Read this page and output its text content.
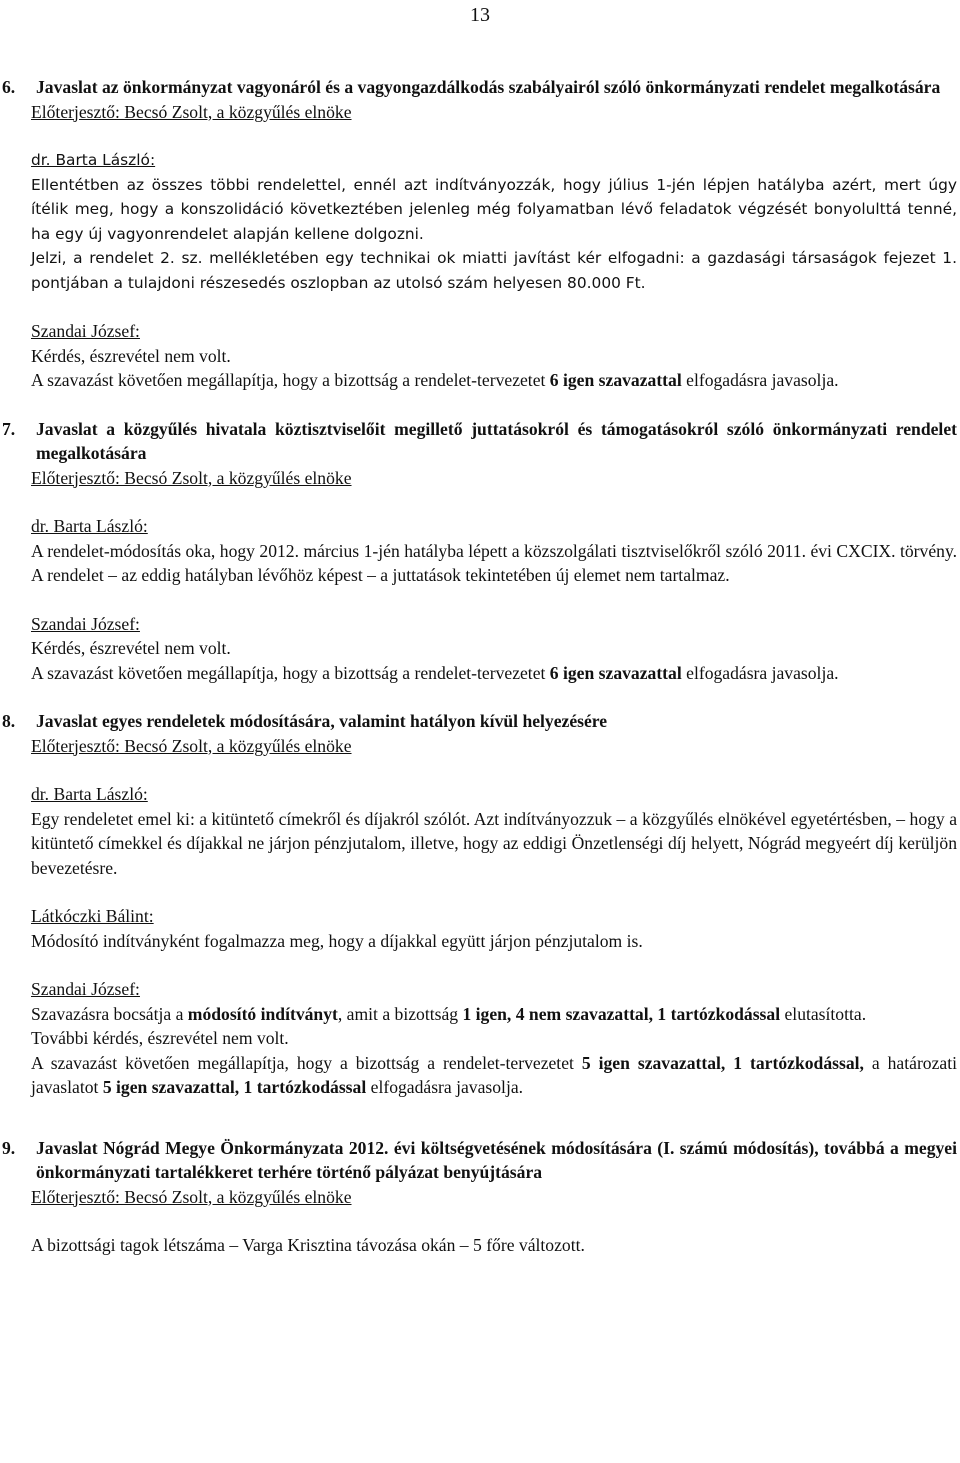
13
6.	Javaslat az önkormányzat vagyonáról és a vagyongazdálkodás szabályairól szóló önkormányzati rendelet megalkotására

Előterjesztő: Becsó Zsolt, a közgyűlés elnöke

dr. Barta László:

Ellentétben az összes többi rendelettel, ennél azt indítványozzák, hogy július 1-jén lépjen hatályba azért, mert úgy ítélik meg, hogy a konszolidáció következtében jelenleg még folyamatban lévő feladatok végzését bonyolulttá tenné, ha egy új vagyonrendelet alapján kellene dolgozni.

Jelzi, a rendelet 2. sz. mellékletében egy technikai ok miatti javítást kér elfogadni: a gazdasági társaságok fejezet 1. pontjában a tulajdoni részesedés oszlopban az utolsó szám helyesen 80.000 Ft.

Szandai József:

Kérdés, észrevétel nem volt.

A szavazást követően megállapítja, hogy a bizottság a rendelet-tervezetet 6 igen szavazattal elfogadásra javasolja.

7.	Javaslat a közgyűlés hivatala köztisztviselőit megillető juttatásokról és támogatásokról szóló önkormányzati rendelet megalkotására

Előterjesztő: Becsó Zsolt, a közgyűlés elnöke

dr. Barta László:

A rendelet-módosítás oka, hogy 2012. március 1-jén hatályba lépett a közszolgálati tisztviselőkről szóló 2011. évi CXCIX. törvény. A rendelet – az eddig hatályban lévőhöz képest – a juttatások tekintetében új elemet nem tartalmaz.

Szandai József:

Kérdés, észrevétel nem volt.

A szavazást követően megállapítja, hogy a bizottság a rendelet-tervezetet 6 igen szavazattal elfogadásra javasolja.

8.	Javaslat egyes rendeletek módosítására, valamint hatályon kívül helyezésére

Előterjesztő: Becsó Zsolt, a közgyűlés elnöke

dr. Barta László:

Egy rendeletet emel ki: a kitüntető címekről és díjakról szólót. Azt indítványozzuk – a közgyűlés elnökével egyetértésben, – hogy a kitüntető címekkel és díjakkal ne járjon pénzjutalom, illetve, hogy az eddigi Önzetlenségi díj helyett, Nógrád megyeért díj kerüljön bevezetésre.

Látkóczki Bálint:

Módosító indítványként fogalmazza meg, hogy a díjakkal együtt járjon pénzjutalom is.

Szandai József:

Szavazásra bocsátja a módosító indítványt, amit a bizottság 1 igen, 4 nem szavazattal, 1 tartózkodással elutasította.

További kérdés, észrevétel nem volt.

A szavazást követően megállapítja, hogy a bizottság a rendelet-tervezetet 5 igen szavazattal, 1 tartózkodással, a határozati javaslatot 5 igen szavazattal, 1 tartózkodással elfogadásra javasolja.

9.	Javaslat Nógrád Megye Önkormányzata 2012. évi költségvetésének módosítására (I. számú módosítás), továbbá a megyei önkormányzati tartalékkeret terhére történő pályázat benyújtására

Előterjesztő: Becsó Zsolt, a közgyűlés elnöke

A bizottsági tagok létszáma – Varga Krisztina távozása okán – 5 főre változott.
